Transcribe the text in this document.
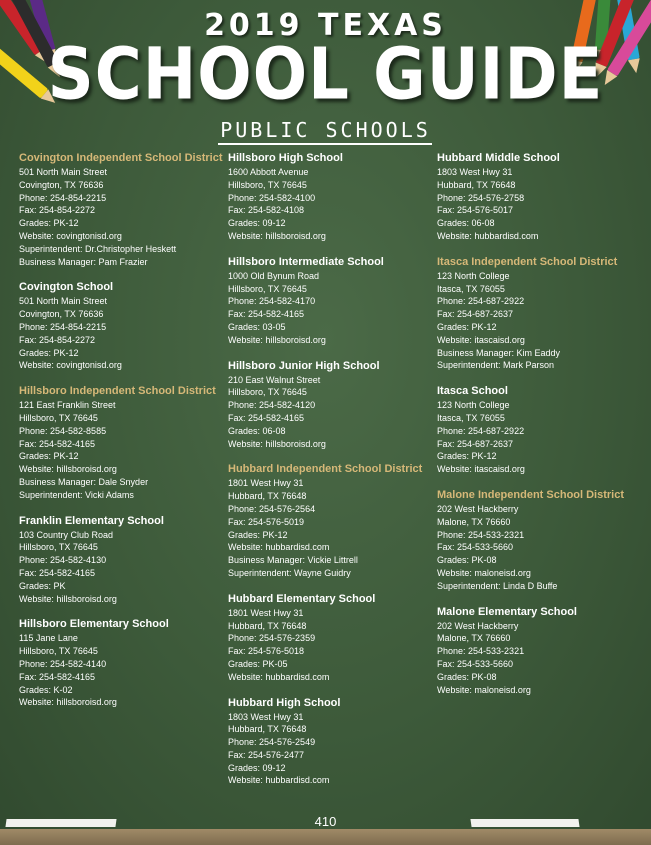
2019 TEXAS
SCHOOL GUIDE
PUBLIC SCHOOLS
Covington Independent School District
501 North Main Street
Covington, TX 76636
Phone: 254-854-2215
Fax: 254-854-2272
Grades: PK-12
Website: covingtonisd.org
Superintendent: Dr.Christopher Heskett
Business Manager: Pam Frazier
Covington School
501 North Main Street
Covington, TX 76636
Phone: 254-854-2215
Fax: 254-854-2272
Grades: PK-12
Website: covingtonisd.org
Hillsboro Independent School District
121 East Franklin Street
Hillsboro, TX 76645
Phone: 254-582-8585
Fax: 254-582-4165
Grades: PK-12
Website: hillsboroisd.org
Business Manager: Dale Snyder
Superintendent: Vicki Adams
Franklin Elementary School
103 Country Club Road
Hillsboro, TX 76645
Phone: 254-582-4130
Fax: 254-582-4165
Grades: PK
Website: hillsboroisd.org
Hillsboro Elementary School
115 Jane Lane
Hillsboro, TX 76645
Phone: 254-582-4140
Fax: 254-582-4165
Grades: K-02
Website: hillsboroisd.org
Hillsboro High School
1600 Abbott Avenue
Hillsboro, TX 76645
Phone: 254-582-4100
Fax: 254-582-4108
Grades: 09-12
Website: hillsboroisd.org
Hillsboro Intermediate School
1000 Old Bynum Road
Hillsboro, TX 76645
Phone: 254-582-4170
Fax: 254-582-4165
Grades: 03-05
Website: hillsboroisd.org
Hillsboro Junior High School
210 East Walnut Street
Hillsboro, TX 76645
Phone: 254-582-4120
Fax: 254-582-4165
Grades: 06-08
Website: hillsboroisd.org
Hubbard Independent School District
1801 West Hwy 31
Hubbard, TX 76648
Phone: 254-576-2564
Fax: 254-576-5019
Grades: PK-12
Website: hubbardisd.com
Business Manager: Vickie Littrell
Superintendent: Wayne Guidry
Hubbard Elementary School
1801 West Hwy 31
Hubbard, TX 76648
Phone: 254-576-2359
Fax: 254-576-5018
Grades: PK-05
Website: hubbardisd.com
Hubbard High School
1803 West Hwy 31
Hubbard, TX 76648
Phone: 254-576-2549
Fax: 254-576-2477
Grades: 09-12
Website: hubbardisd.com
Hubbard Middle School
1803 West Hwy 31
Hubbard, TX 76648
Phone: 254-576-2758
Fax: 254-576-5017
Grades: 06-08
Website: hubbardisd.com
Itasca Independent School District
123 North College
Itasca, TX 76055
Phone: 254-687-2922
Fax: 254-687-2637
Grades: PK-12
Website: itascaisd.org
Business Manager: Kim Eaddy
Superintendent: Mark Parson
Itasca School
123 North College
Itasca, TX 76055
Phone: 254-687-2922
Fax: 254-687-2637
Grades: PK-12
Website: itascaisd.org
Malone Independent School District
202 West Hackberry
Malone, TX 76660
Phone: 254-533-2321
Fax: 254-533-5660
Grades: PK-08
Website: maloneisd.org
Superintendent: Linda D Buffe
Malone Elementary School
202 West Hackberry
Malone, TX 76660
Phone: 254-533-2321
Fax: 254-533-5660
Grades: PK-08
Website: maloneisd.org
410
